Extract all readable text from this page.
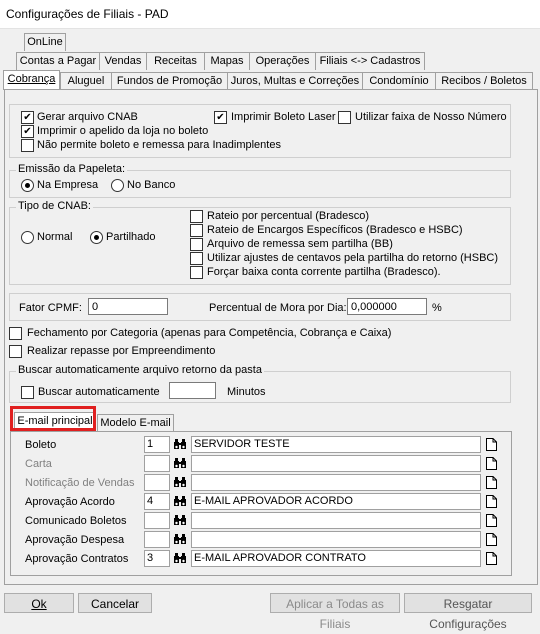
Configurações de Filiais - PAD
OnLine
Contas a Pagar Vendas	Receitas	Mapas	Operações Filiais <-> Cadastros
Cobrança	Aluguel	Fundos de Promoção Juros, Multas e Correções Condomínio	Recibos / Boletos
✔ Gerar arquivo CNAB	✔ Imprimir Boleto Laser Utilizar faixa de Nosso Número
✔ Imprimir o apelido da loja no boleto
Não permite boleto e remessa para Inadimplentes
Emissão da Papeleta:
Na Empresa	No Banco
Tipo de CNAB:
Normal	Partilhado
Rateio por percentual (Bradesco)
Rateio de Encargos Específicos (Bradesco e HSBC)
Arquivo de remessa sem partilha (BB)
Utilizar ajustes de centavos pela partilha do retorno (HSBC)
Forçar baixa conta corrente partilha (Bradesco).
Fator CPMF: 0	Percentual de Mora por Dia: 0,000000	%
Fechamento por Categoria (apenas para Competência, Cobrança e Caixa)
Realizar repasse por Empreendimento
Buscar automaticamente arquivo retorno da pasta
Buscar automaticamente	Minutos
E-mail principal Modelo E-mail
Boleto	1	SERVIDOR TESTE
Carta
Notificação de Vendas
Aprovação Acordo	4	E-MAIL APROVADOR ACORDO
Comunicado Boletos
Aprovação Despesa
Aprovação Contratos 3	E-MAIL APROVADOR CONTRATO
Ok	Cancelar	Aplicar a Todas as Filiais
Resgatar Configurações
